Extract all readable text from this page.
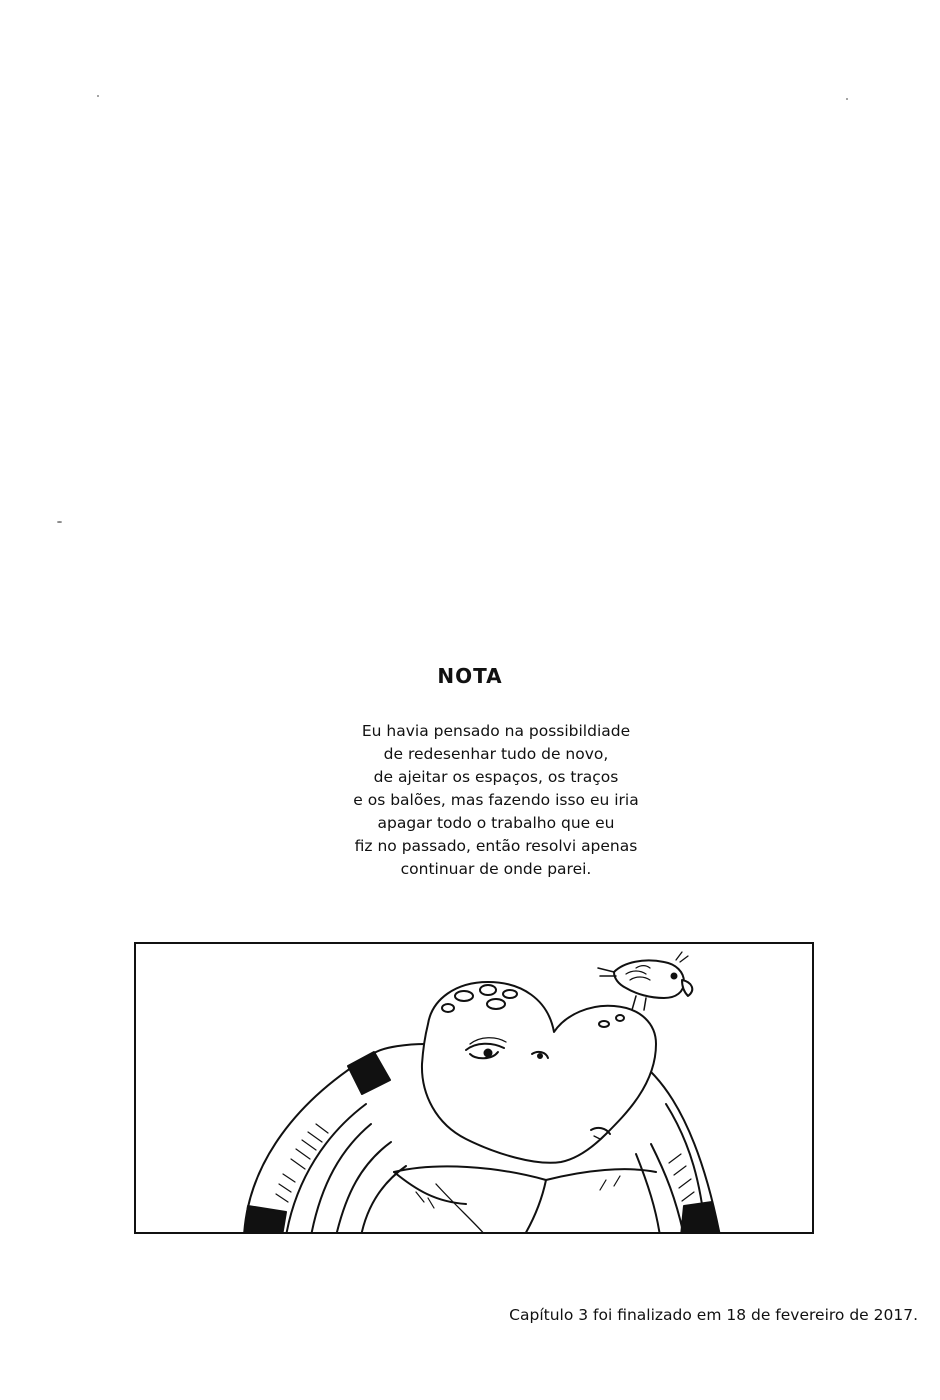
NOTA
Eu havia pensado na possibildiade
de redesenhar tudo de novo,
de ajeitar os espaços, os traços
e os balões, mas fazendo isso eu iria
apagar todo o trabalho que eu
fiz no passado, então resolvi apenas
continuar de onde parei.
Capítulo 3 foi finalizado em 18 de fevereiro de 2017.
